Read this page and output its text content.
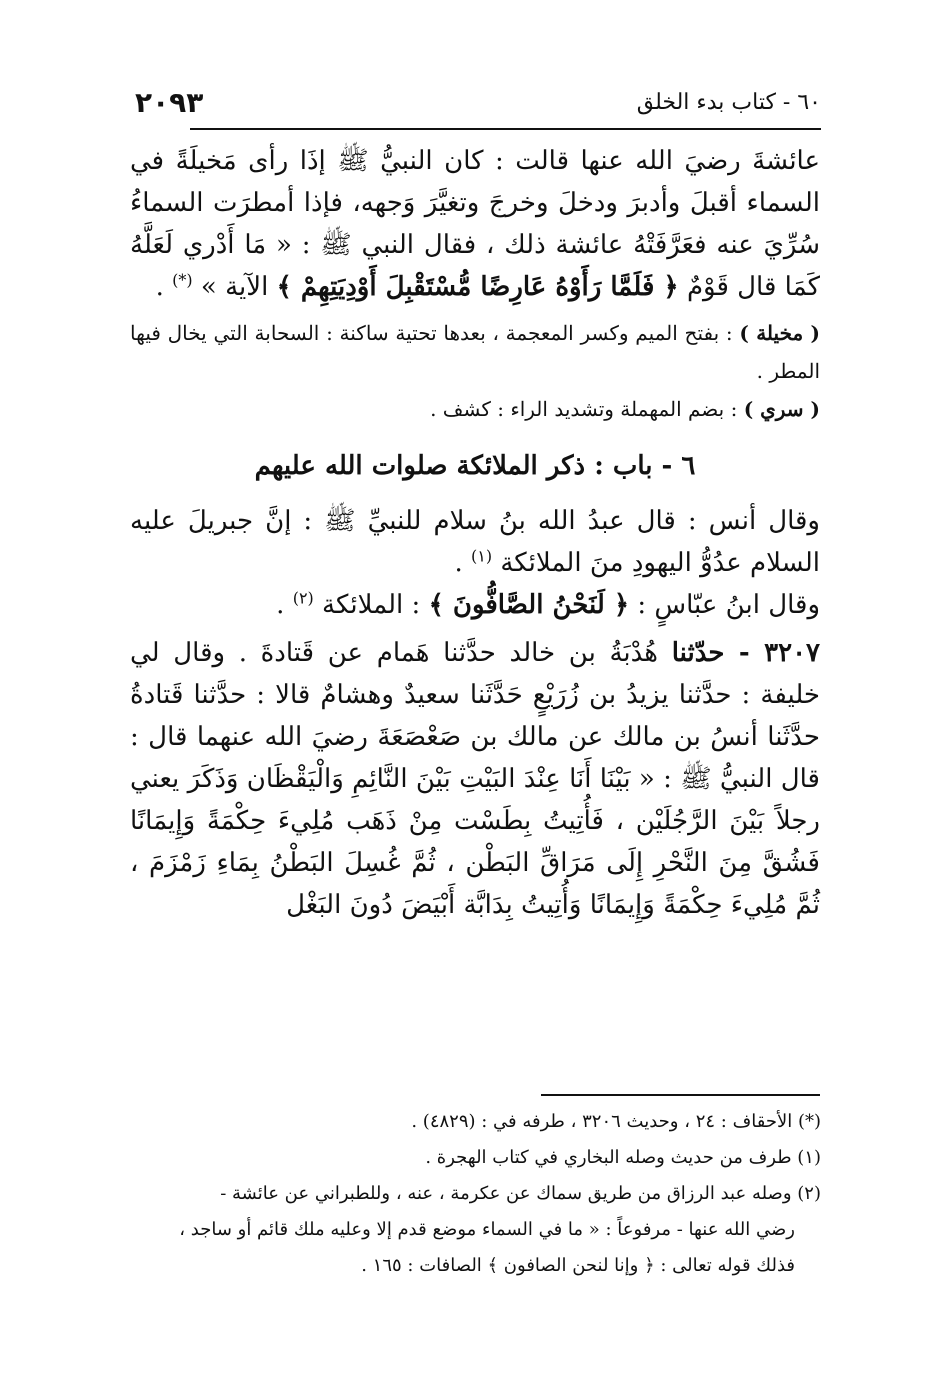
٢٠٩٣	٦٠ - كتاب بدء الخلق

عائشةَ رضيَ الله عنها قالت : كان النبيُّ ﷺ إذَا رأى مَخيلَةً في السماء أقبلَ وأدبرَ ودخلَ وخرجَ وتغيَّرَ وَجهه، فإذا أمطرَت السماءُ سُرِّيَ عنه فعَرَّفَتْهُ عائشة ذلك ، فقال النبي ﷺ : « مَا أَدْري لَعَلَّهُ كَمَا قال قَوْمٌ ﴿ فَلَمَّا رَأَوْهُ عَارِضًا مُّسْتَقْبِلَ أَوْدِيَتِهِمْ ﴾ الآية » (*) .

( مخيلة ) : بفتح الميم وكسر المعجمة ، بعدها تحتية ساكنة : السحابة التي يخال فيها المطر .

( سري ) : بضم المهملة وتشديد الراء : كشف .

٦ - باب : ذكر الملائكة صلوات الله عليهم

وقال أنس : قال عبدُ الله بنُ سلام للنبيِّ ﷺ : إنَّ جبريلَ عليه السلام عدُوُّ اليهودِ منَ الملائكة $^{(١)}$ .

وقال ابنُ عبّاسٍ : ﴿ لَنَحْنُ الصَّافُّونَ ﴾ : الملائكة $^{(٢)}$ .

٣٢٠٧ - حدّثنا هُدْبَةُ بن خالد حدَّثنا هَمام عن قَتادةَ . وقال لي خليفة : حدَّثنا يزيدُ بن زُرَيْعٍ حَدَّثَنا سعيدٌ وهشامٌ قالا : حدَّثنا قَتادةُ حدَّثَنا أنسُ بن مالك عن مالك بن صَعْصَعَةَ رضيَ الله عنهما قال : قال النبيُّ ﷺ : « بَيْنَا أَنَا عِنْدَ البَيْتِ بَيْنَ النَّائِمِ وَالْيَقْظَان وَذَكَرَ يعني رجلاً بَيْنَ الرَّجُلَيْن ، فَأُتِيتُ بِطَسْت مِنْ ذَهَب مُلِيءَ حِكْمَةً وَإِيمَانًا فَشُقَّ مِنَ النَّحْرِ إِلَى مَرَاقِّ البَطْن ، ثُمَّ غُسِلَ البَطْنُ بِمَاءِ زَمْزَمَ ، ثُمَّ مُلِيءَ حِكْمَةً وَإِيمَانًا وَأُتِيتُ بِدَابَّة أَبْيَضَ دُونَ البَغْل

(*) الأحقاف : ٢٤ ، وحديث ٣٢٠٦ ، طرفه في : (٤٨٢٩) .

(١) طرف من حديث وصله البخاري في كتاب الهجرة .

(٢) وصله عبد الرزاق من طريق سماك عن عكرمة ، عنه ، وللطبراني عن عائشة -

رضي الله عنها - مرفوعاً : « ما في السماء موضع قدم إلا وعليه ملك قائم أو ساجد ، فذلك قوله تعالى : ﴿ وإنا لنحن الصافون ﴾ الصافات : ١٦٥ .
